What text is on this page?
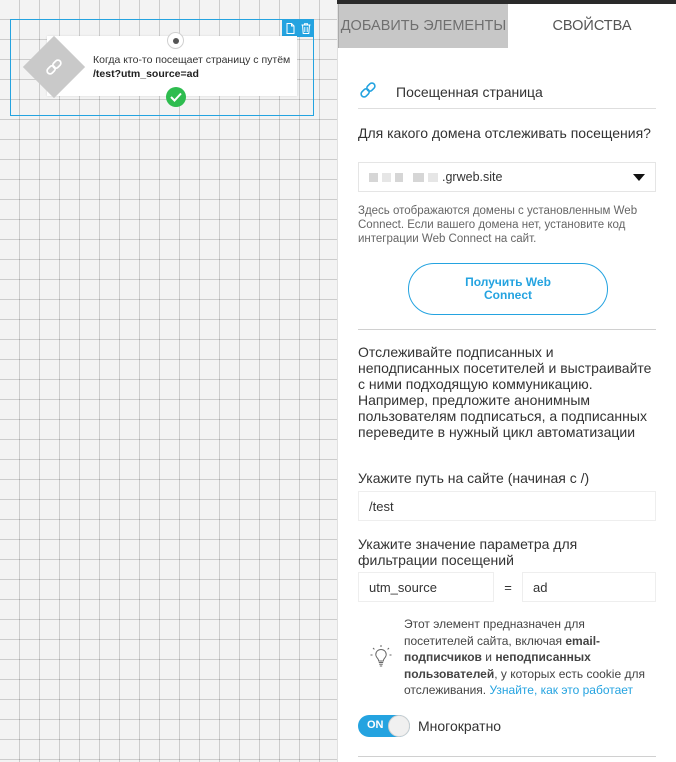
Когда кто-то посещает страницу с путём /test?utm_source=ad
ДОБАВИТЬ ЭЛЕМЕНТЫ	СВОЙСТВА
Посещенная страница
Для какого домена отслеживать посещения?
.grweb.site
Здесь отображаются домены с установленным Web Connect. Если вашего домена нет, установите код интеграции Web Connect на сайт.
Получить Web Connect
Отслеживайте подписанных и неподписанных посетителей и выстраивайте с ними подходящую коммуникацию. Например, предложите анонимным пользователям подписаться, а подписанных переведите в нужный цикл автоматизации
Укажите путь на сайте (начиная с /)
/test
Укажите значение параметра для фильтрации посещений
utm_source	=	ad
Этот элемент предназначен для посетителей сайта, включая email-подписчиков и неподписанных пользователей, у которых есть cookie для отслеживания. Узнайте, как это работает
ON Многократно
